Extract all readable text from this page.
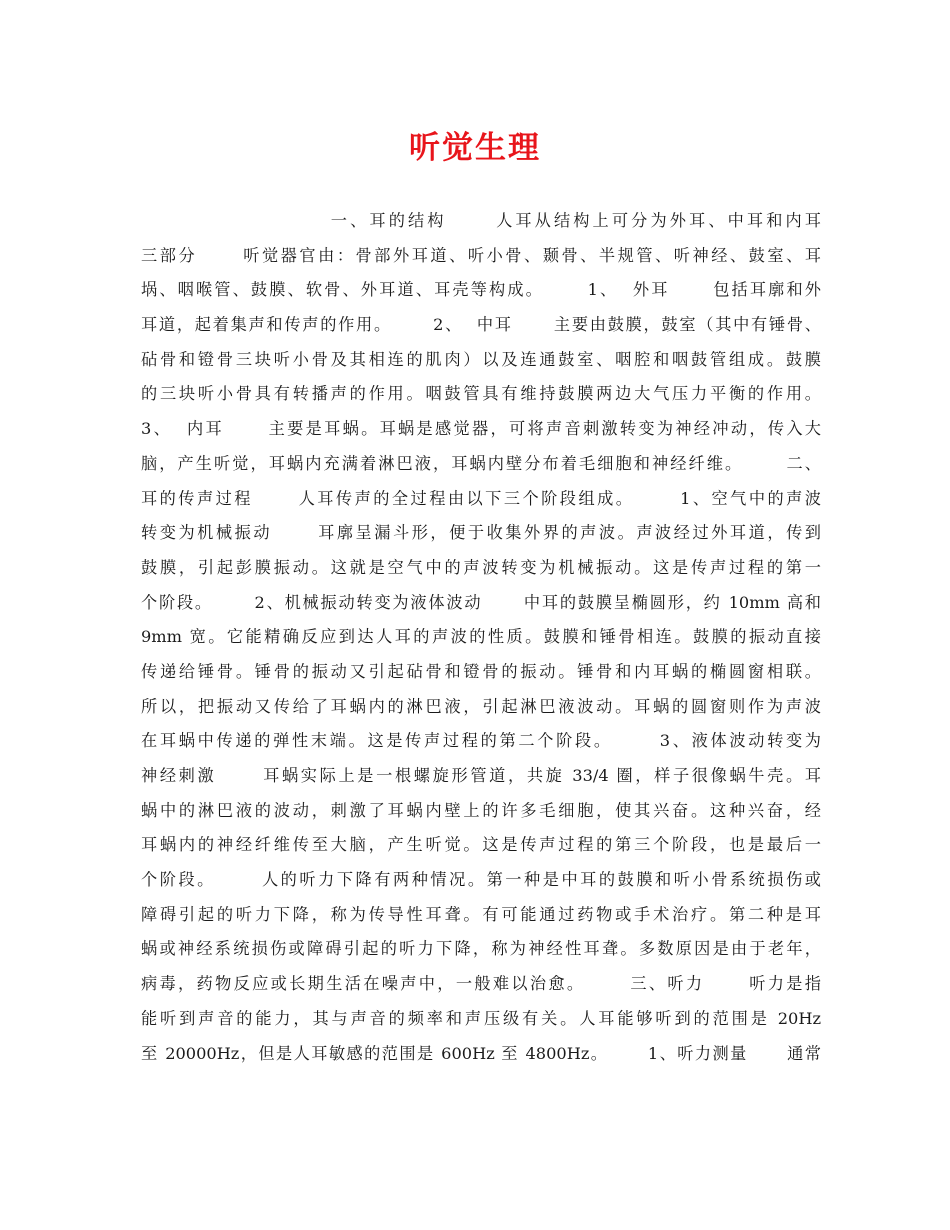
听觉生理
一、耳的结构      人耳从结构上可分为外耳、中耳和内耳
三部分      听觉器官由：骨部外耳道、听小骨、颞骨、半规管、听神经、鼓室、耳
埚、咽喉管、鼓膜、软骨、外耳道、耳壳等构成。      1、  外耳      包括耳廓和外
耳道，起着集声和传声的作用。      2、  中耳      主要由鼓膜，鼓室（其中有锤骨、
砧骨和镫骨三块听小骨及其相连的肌肉）以及连通鼓室、咽腔和咽鼓管组成。鼓膜
的三块听小骨具有转播声的作用。咽鼓管具有维持鼓膜两边大气压力平衡的作用。
3、  内耳      主要是耳蜗。耳蜗是感觉器，可将声音刺激转变为神经冲动，传入大
脑，产生听觉，耳蜗内充满着淋巴液，耳蜗内壁分布着毛细胞和神经纤维。      二、
耳的传声过程      人耳传声的全过程由以下三个阶段组成。      1、空气中的声波
转变为机械振动      耳廓呈漏斗形，便于收集外界的声波。声波经过外耳道，传到
鼓膜，引起彭膜振动。这就是空气中的声波转变为机械振动。这是传声过程的第一
个阶段。      2、机械振动转变为液体波动      中耳的鼓膜呈椭圆形，约 10mm 高和
9mm 宽。它能精确反应到达人耳的声波的性质。鼓膜和锤骨相连。鼓膜的振动直接
传递给锤骨。锤骨的振动又引起砧骨和镫骨的振动。锤骨和内耳蜗的椭圆窗相联。
所以，把振动又传给了耳蜗内的淋巴液，引起淋巴液波动。耳蜗的圆窗则作为声波
在耳蜗中传递的弹性末端。这是传声过程的第二个阶段。      3、液体波动转变为
神经刺激      耳蜗实际上是一根螺旋形管道，共旋 33/4 圈，样子很像蜗牛壳。耳
蜗中的淋巴液的波动，刺激了耳蜗内壁上的许多毛细胞，使其兴奋。这种兴奋，经
耳蜗内的神经纤维传至大脑，产生听觉。这是传声过程的第三个阶段，也是最后一
个阶段。      人的听力下降有两种情况。第一种是中耳的鼓膜和听小骨系统损伤或
障碍引起的听力下降，称为传导性耳聋。有可能通过药物或手术治疗。第二种是耳
蜗或神经系统损伤或障碍引起的听力下降，称为神经性耳聋。多数原因是由于老年，
病毒，药物反应或长期生活在噪声中，一般难以治愈。      三、听力      听力是指
能听到声音的能力，其与声音的频率和声压级有关。人耳能够听到的范围是 20Hz
至 20000Hz，但是人耳敏感的范围是 600Hz 至 4800Hz。      1、听力测量      通常
